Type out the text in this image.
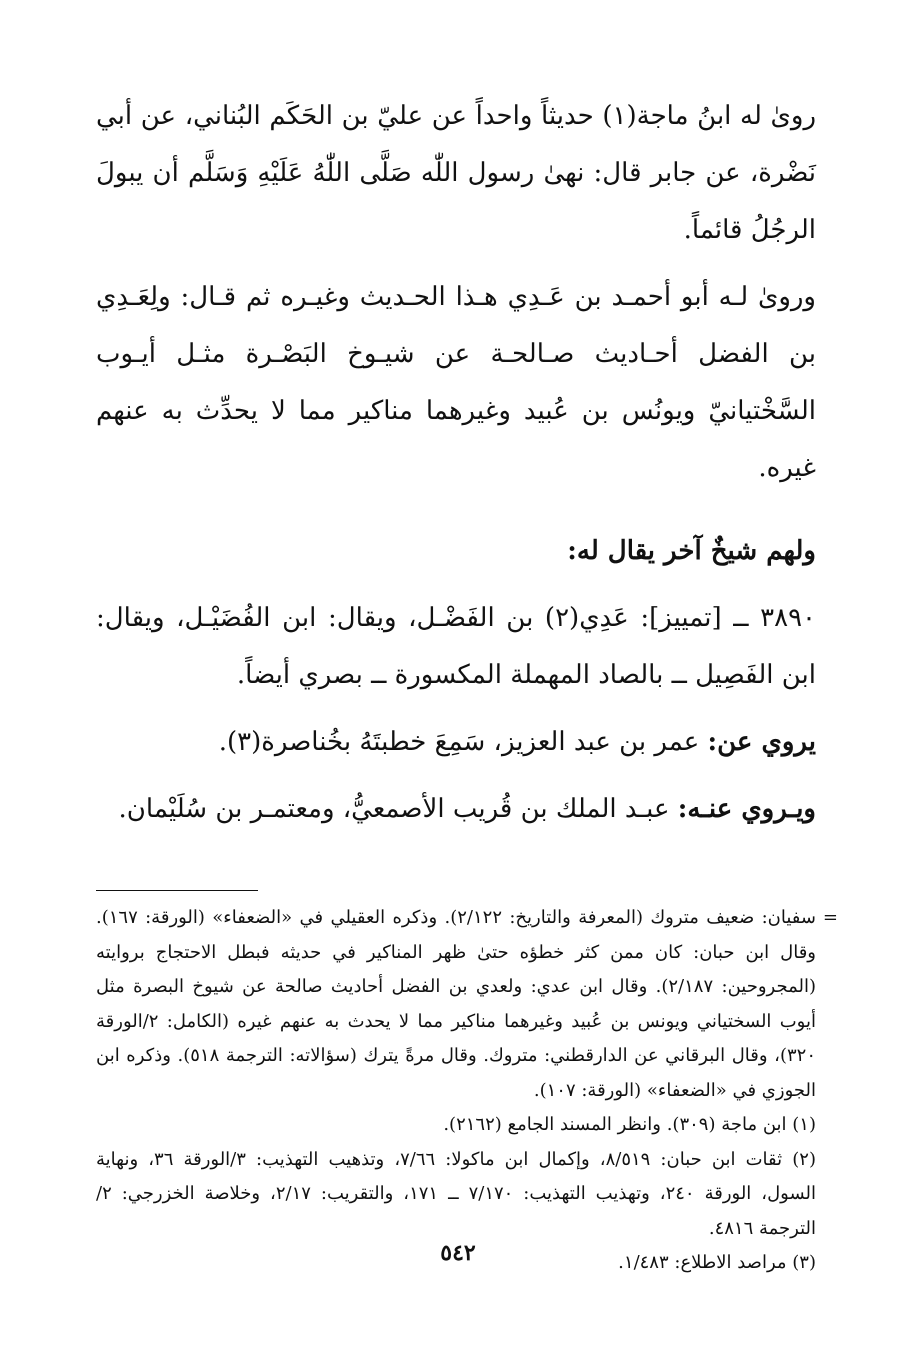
رویٰ له ابنُ ماجة(١) حديثاً واحداً عن عليّ بن الحَكَم البُناني، عن أبي نَضْرة، عن جابر قال: نهىٰ رسول اللّٰه صَلَّى اللّٰهُ عَلَيْهِ وَسَلَّم أن يبولَ الرجُلُ قائماً.

وروىٰ لـه أبو أحمـد بن عَـدِي هـذا الحـديث وغيـره ثم قـال: ولِعَـدِي بن الفضل أحـاديث صـالحـة عن شيـوخ البَصْـرة مثـل أيـوب السَّخْتيانيّ ويونُس بن عُبيد وغيرهما مناكير مما لا يحدِّث به عنهم غيره.

ولهم شيخٌ آخر يقال له:

٣٨٩٠ ــ [تمييز]: عَدِي(٢) بن الفَضْـل، ويقال: ابن الفُضَيْـل، ويقال: ابن الفَصِيل ــ بالصاد المهملة المكسورة ــ بصري أيضاً.

يروي عن: عمر بن عبد العزيز، سَمِعَ خطبتَهُ بخُناصرة(٣).

ويـروي عنـه: عبـد الملك بن قُريب الأصمعيُّ، ومعتمـر بن سُلَيْمان.

=
سفيان: ضعيف متروك (المعرفة والتاريخ: ٢/١٢٢). وذكره العقيلي في «الضعفاء» (الورقة: ١٦٧). وقال ابن حبان: كان ممن كثر خطؤه حتىٰ ظهر المناكير في حديثه فبطل الاحتجاج بروايته (المجروحين: ٢/١٨٧). وقال ابن عدي: ولعدي بن الفضل أحاديث صالحة عن شيوخ البصرة مثل أيوب السختياني ويونس بن عُبيد وغيرهما مناكير مما لا يحدث به عنهم غيره (الكامل: ٢/الورقة ٣٢٠)، وقال البرقاني عن الدارقطني: متروك. وقال مرةً يترك (سؤالاته: الترجمة ٥١٨). وذكره ابن الجوزي في «الضعفاء» (الورقة: ١٠٧).

(١) ابن ماجة (٣٠٩). وانظر المسند الجامع (٢١٦٢).

(٢) ثقات ابن حبان: ٨/٥١٩، وإكمال ابن ماكولا: ٧/٦٦، وتذهيب التهذيب: ٣/الورقة ٣٦، ونهاية السول، الورقة ٢٤٠، وتهذيب التهذيب: ٧/١٧٠ ــ ١٧١، والتقريب: ٢/١٧، وخلاصة الخزرجي: ٢/الترجمة ٤٨١٦.

(٣) مراصد الاطلاع: ١/٤٨٣.

٥٤٢
